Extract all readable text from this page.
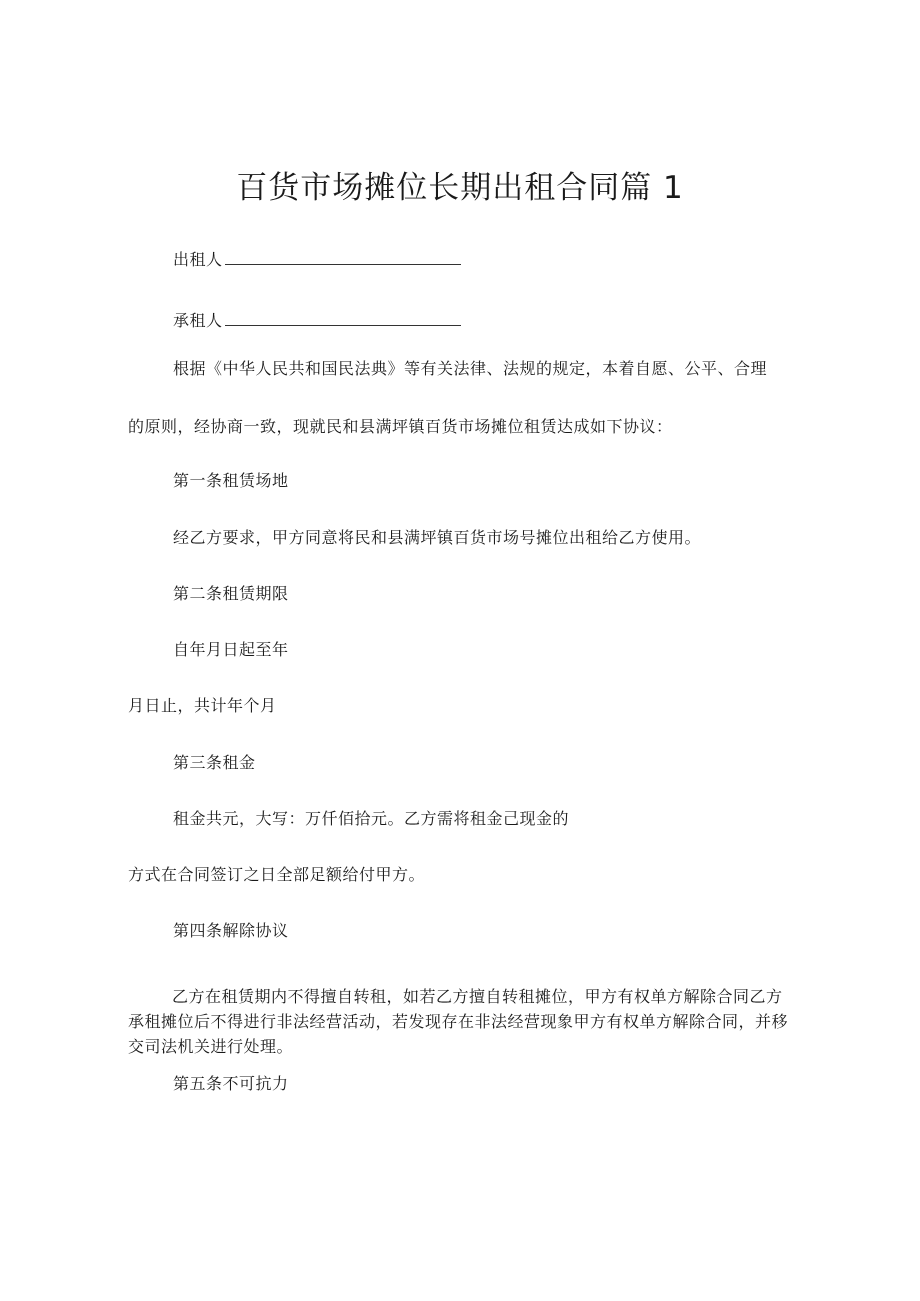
百货市场摊位长期出租合同篇 1
出租人
承租人
根据《中华人民共和国民法典》等有关法律、法规的规定，本着自愿、公平、合理
的原则，经协商一致，现就民和县满坪镇百货市场摊位租赁达成如下协议：
第一条租赁场地
经乙方要求，甲方同意将民和县满坪镇百货市场号摊位出租给乙方使用。
第二条租赁期限
自年月日起至年
月日止，共计年个月
第三条租金
租金共元，大写：万仟佰拾元。乙方需将租金己现金的
方式在合同签订之日全部足额给付甲方。
第四条解除协议
乙方在租赁期内不得擅自转租，如若乙方擅自转租摊位，甲方有权单方解除合同乙方承租摊位后不得进行非法经营活动，若发现存在非法经营现象甲方有权单方解除合同，并移交司法机关进行处理。
第五条不可抗力
